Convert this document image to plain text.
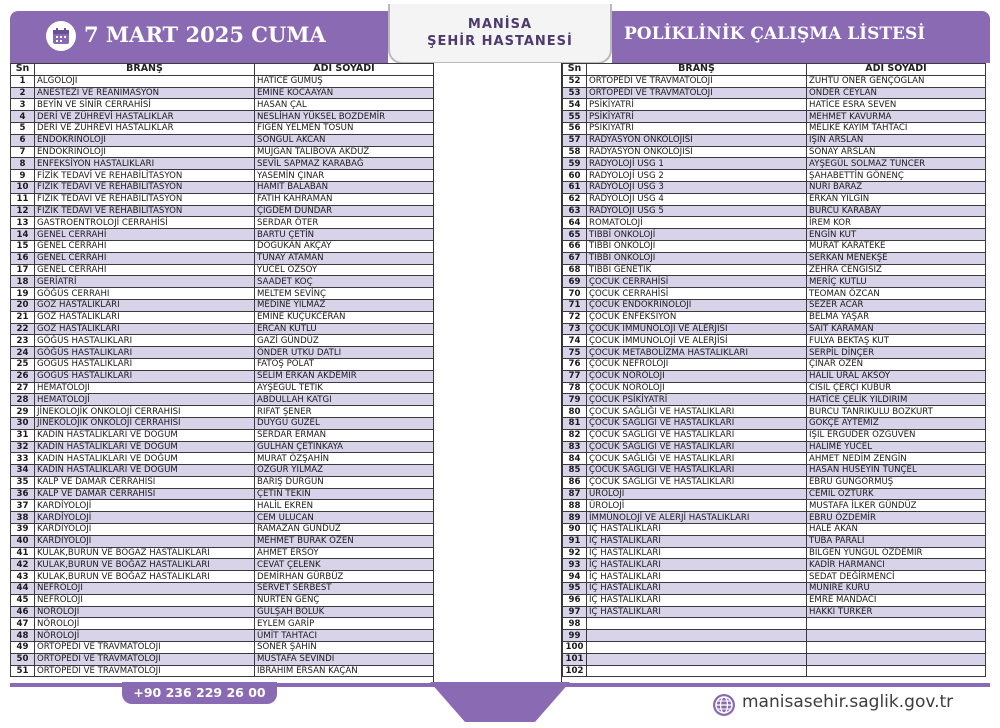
MANİSA
ŞEHİR HASTANESİ
7 MART 2025 CUMA	POLİKLİNİK ÇALIŞMA LİSTESİ
Sn	BRANŞ	ADI SOYADI
1	ALGOLOJİ	HATİCE GÜMÜŞ
2	ANESTEZİ VE REANİMASYON	EMİNE KOCAAYAN
3	BEYİN VE SİNİR CERRAHİSİ	HASAN ÇAL
4	DERİ VE ZÜHREVİ HASTALIKLAR	NESLİHAN YÜKSEL BOZDEMİR
5	DERİ VE ZÜHREVİ HASTALIKLAR	FİGEN YELMEN TOSUN
6	ENDOKRİNOLOJİ	SONGÜL AKCAN
7	ENDOKRİNOLOJİ	MÜJGAN TALIBOVA AKDÜZ
8	ENFEKSİYON HASTALIKLARI	SEVİL SAPMAZ KARABAĞ
9	FİZİK TEDAVİ VE REHABİLİTASYON	YASEMİN ÇINAR
10	FİZİK TEDAVİ VE REHABİLİTASYON	HAMİT BALABAN
11	FİZİK TEDAVİ VE REHABİLİTASYON	FATİH KAHRAMAN
12	FİZİK TEDAVİ VE REHABİLİTASYON	ÇİĞDEM DÜNDAR
13	GASTROENTROLOJİ CERRAHİSİ	SERDAR ÖTER
14	GENEL CERRAHİ	BARTU ÇETİN
15	GENEL CERRAHİ	DOĞUKAN AKÇAY
16	GENEL CERRAHİ	TUNAY ATAMAN
17	GENEL CERRAHİ	YÜCEL ÖZSOY
18	GERİATRİ	SAADET KOÇ
19	GÖĞÜS CERRAHI	MELTEM SEVİNÇ
20	GÖZ HASTALIKLARI	MEDİNE YILMAZ
21	GÖZ HASTALIKLARI	EMİNE KÜÇÜKCERAN
22	GÖZ HASTALIKLARI	ERCAN KUTLU
23	GÖĞÜS HASTALIKLARI	GAZİ GÜNDÜZ
24	GÖĞÜS HASTALIKLARI	ÖNDER UTKU DATLI
25	GÖĞÜS HASTALIKLARI	FATOŞ POLAT
26	GÖĞÜS HASTALIKLARI	SELİM ERKAN AKDEMİR
27	HEMATOLOJİ	AYŞEGÜL TETİK
28	HEMATOLOJİ	ABDULLAH KATGI
29	JİNEKOLOJİK ONKOLOJİ CERRAHISI	RIFAT ŞENER
30	JİNEKOLOJİK ONKOLOJİ CERRAHISI	DUYGU GÜZEL
31	KADIN HASTALIKLARI VE DOĞUM	SERDAR ERMAN
32	KADIN HASTALIKLARI VE DOĞUM	GÜLHAN ÇETİNKAYA
33	KADIN HASTALIKLARI VE DOĞUM	MURAT ÖZŞAHİN
34	KADIN HASTALIKLARI VE DOĞUM	ÖZGÜR YILMAZ
35	KALP VE DAMAR CERRAHİSİ	BARIŞ DURGUN
36	KALP VE DAMAR CERRAHİSİ	ÇETİN TEKİN
37	KARDİYOLOJİ	HALİL EKREN
38	KARDİYOLOJİ	CEM ULUCAN
39	KARDİYOLOJİ	RAMAZAN GÜNDÜZ
40	KARDİYOLOJİ	MEHMET BURAK ÖZEN
41	KULAK,BURUN VE BOĞAZ HASTALIKLARI	AHMET ERSOY
42	KULAK,BURUN VE BOĞAZ HASTALIKLARI	CEVAT ÇELENK
43	KULAK,BURUN VE BOĞAZ HASTALIKLARI	DEMİRHAN GÜRBÜZ
44	NEFROLOJİ	SERVET SERBEST
45	NEFROLOJİ	NURTEN GENÇ
46	NÖROLOJİ	GÜLŞAH BÖLÜK
47	NÖROLOJİ	EYLEM GARİP
48	NÖROLOJİ	ÜMİT TAHTACI
49	ORTOPEDİ VE TRAVMATOLOJİ	SONER ŞAHİN
50	ORTOPEDİ VE TRAVMATOLOJİ	MUSTAFA SEVİNDİ
51	ORTOPEDİ VE TRAVMATOLOJİ	İBRAHİM ERSAN KAÇAN
Sn	BRANŞ	ADI SOYADI
52	ORTOPEDİ VE TRAVMATOLOJİ	ZÜHTÜ ÖNER GENÇOĞLAN
53	ORTOPEDİ VE TRAVMATOLOJİ	ÖNDER CEYLAN
54	PSİKİYATRİ	HATİCE ESRA SEVEN
55	PSİKİYATRİ	MEHMET KAVURMA
56	PSİKİYATRİ	MELİKE KAYIM TAHTACI
57	RADYASYON ONKOLOJİSİ	IŞIN ARSLAN
58	RADYASYON ONKOLOJİSİ	SONAY ARSLAN
59	RADYOLOJİ USG 1	AYŞEGÜL SOLMAZ TUNCER
60	RADYOLOJİ USG 2	ŞAHABETTİN GÖNENÇ
61	RADYOLOJİ USG 3	NURİ BARAZ
62	RADYOLOJİ USG 4	ERKAN YILGIN
63	RADYOLOJİ USG 5	BURCU KARABAY
64	ROMATOLOJİ	İREM KOR
65	TIBBİ ONKOLOJİ	ENGİN KUT
66	TIBBİ ONKOLOJİ	MURAT KARATEKE
67	TIBBİ ONKOLOJİ	SERKAN MENEKŞE
68	TIBBİ GENETİK	ZEHRA CENGİSİZ
69	ÇOCUK CERRAHİSİ	MERİÇ KUTLU
70	ÇOCUK CERRAHİSİ	TEOMAN ÖZCAN
71	ÇOCUK ENDOKRİNOLOJİ	SEZER ACAR
72	ÇOCUK ENFEKSİYON	BELMA YAŞAR
73	ÇOCUK İMMUNOLOJİ VE ALERJİSİ	SAİT KARAMAN
74	ÇOCUK İMMUNOLOJİ VE ALERJİSİ	FULYA BEKTAŞ KUT
75	ÇOCUK METABOLİZMA HASTALIKLARI	SERPİL DİNÇER
76	ÇOCUK NEFROLOJİ	ÇINAR ÖZEN
77	ÇOCUK NÖROLOJİ	HALİL URAL AKSOY
78	ÇOCUK NÖROLOJİ	CİSİL ÇERÇİ KUBUR
79	ÇOCUK PSİKİYATRİ	HATİCE ÇELİK YILDIRIM
80	ÇOCUK SAĞLIĞI VE HASTALIKLARI	BURCU TANRIKULU BOZKURT
81	ÇOCUK SAĞLIĞI VE HASTALIKLARI	GÖKÇE AYTEMİZ
82	ÇOCUK SAĞLIĞI VE HASTALIKLARI	IŞIL ERGÜDER ÖZGÜVEN
83	ÇOCUK SAĞLIĞI VE HASTALIKLARI	HALİME YÜCEL
84	ÇOCUK SAĞLIĞI VE HASTALIKLARI	AHMET NEDİM ZENGİN
85	ÇOCUK SAĞLIĞI VE HASTALIKLARI	HASAN HÜSEYİN TUNÇEL
86	ÇOCUK SAĞLIĞI VE HASTALIKLARI	EBRU GÜNGÖRMÜŞ
87	ÜROLOJİ	CEMİL ÖZTÜRK
88	ÜROLOJİ	MUSTAFA İLKER GÜNDÜZ
89	İMMÜNOLOJİ VE ALERJİ HASTALIKLARI	EBRU ÖZDEMİR
90	İÇ HASTALIKLARI	HALE AKAN
91	İÇ HASTALIKLARI	TUBA PARALI
92	İÇ HASTALIKLARI	BİLGEN YÜNGÜL ÖZDEMİR
93	İÇ HASTALIKLARI	KADİR HARMANCI
94	İÇ HASTALIKLARI	SEDAT DEĞİRMENCİ
95	İÇ HASTALIKLARI	MÜNİRE KURU
96	İÇ HASTALIKLARI	EMRE MANDACI
97	İÇ HASTALIKLARI	HAKKI TÜRKER
98		
99		
100		
101		
102		
+90 236 229 26 00	manisasehir.saglik.gov.tr
